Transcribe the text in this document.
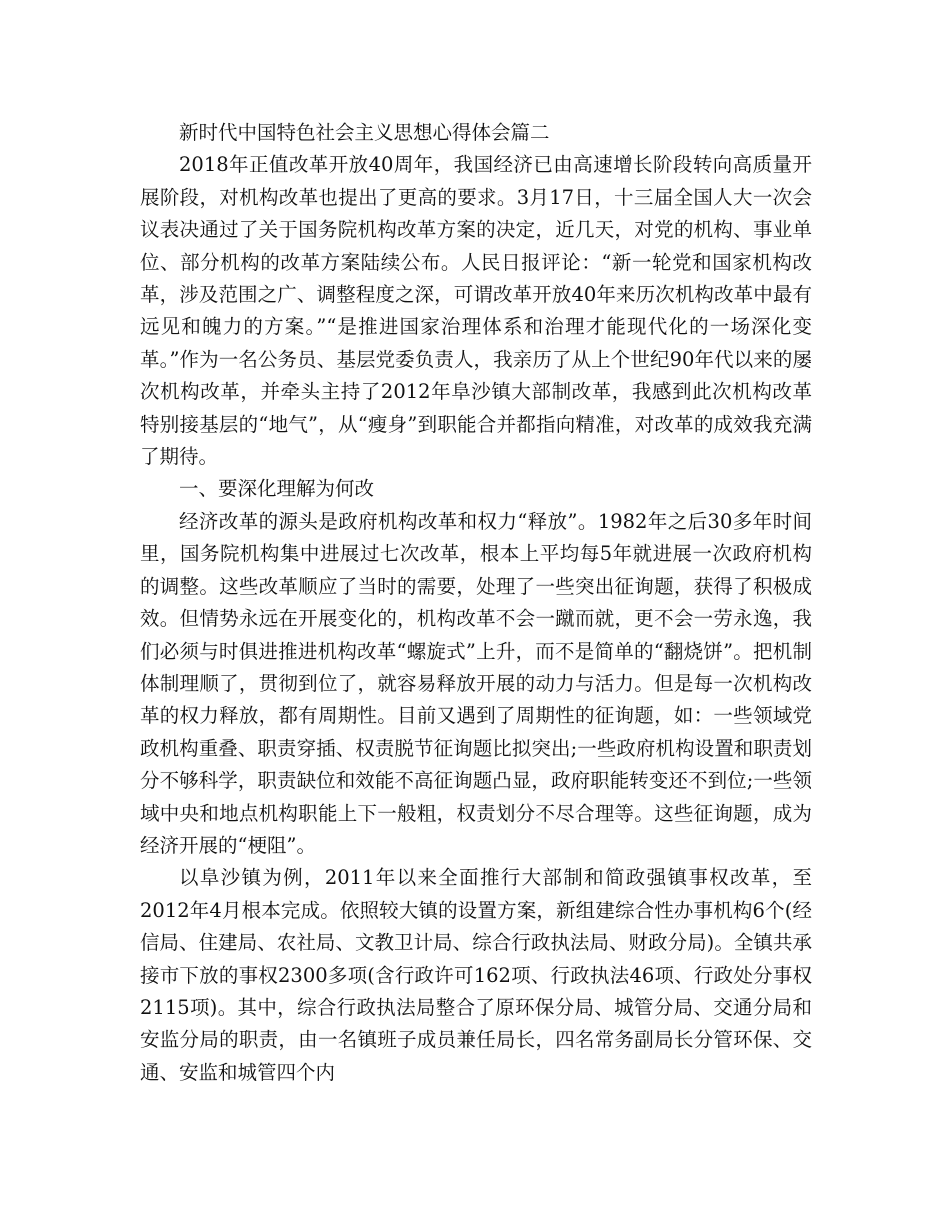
新时代中国特色社会主义思想心得体会篇二

2018年正值改革开放40周年，我国经济已由高速增长阶段转向高质量开展阶段，对机构改革也提出了更高的要求。3月17日，十三届全国人大一次会议表决通过了关于国务院机构改革方案的决定，近几天，对党的机构、事业单位、部分机构的改革方案陆续公布。人民日报评论：“新一轮党和国家机构改革，涉及范围之广、调整程度之深，可谓改革开放40年来历次机构改革中最有远见和魄力的方案。”“是推进国家治理体系和治理才能现代化的一场深化变革。”作为一名公务员、基层党委负责人，我亲历了从上个世纪90年代以来的屡次机构改革，并牵头主持了2012年阜沙镇大部制改革，我感到此次机构改革特别接基层的“地气”，从“瘦身”到职能合并都指向精准，对改革的成效我充满了期待。

一、要深化理解为何改

经济改革的源头是政府机构改革和权力“释放”。1982年之后30多年时间里，国务院机构集中进展过七次改革，根本上平均每5年就进展一次政府机构的调整。这些改革顺应了当时的需要，处理了一些突出征询题，获得了积极成效。但情势永远在开展变化的，机构改革不会一蹴而就，更不会一劳永逸，我们必须与时俱进推进机构改革“螺旋式”上升，而不是简单的“翻烧饼”。把机制体制理顺了，贯彻到位了，就容易释放开展的动力与活力。但是每一次机构改革的权力释放，都有周期性。目前又遇到了周期性的征询题，如：一些领域党政机构重叠、职责穿插、权责脱节征询题比拟突出;一些政府机构设置和职责划分不够科学，职责缺位和效能不高征询题凸显，政府职能转变还不到位;一些领域中央和地点机构职能上下一般粗，权责划分不尽合理等。这些征询题，成为经济开展的“梗阻”。

以阜沙镇为例，2011年以来全面推行大部制和简政强镇事权改革，至2012年4月根本完成。依照较大镇的设置方案，新组建综合性办事机构6个(经信局、住建局、农社局、文教卫计局、综合行政执法局、财政分局)。全镇共承接市下放的事权2300多项(含行政许可162项、行政执法46项、行政处分事权2115项)。其中，综合行政执法局整合了原环保分局、城管分局、交通分局和安监分局的职责，由一名镇班子成员兼任局长，四名常务副局长分管环保、交通、安监和城管四个内
